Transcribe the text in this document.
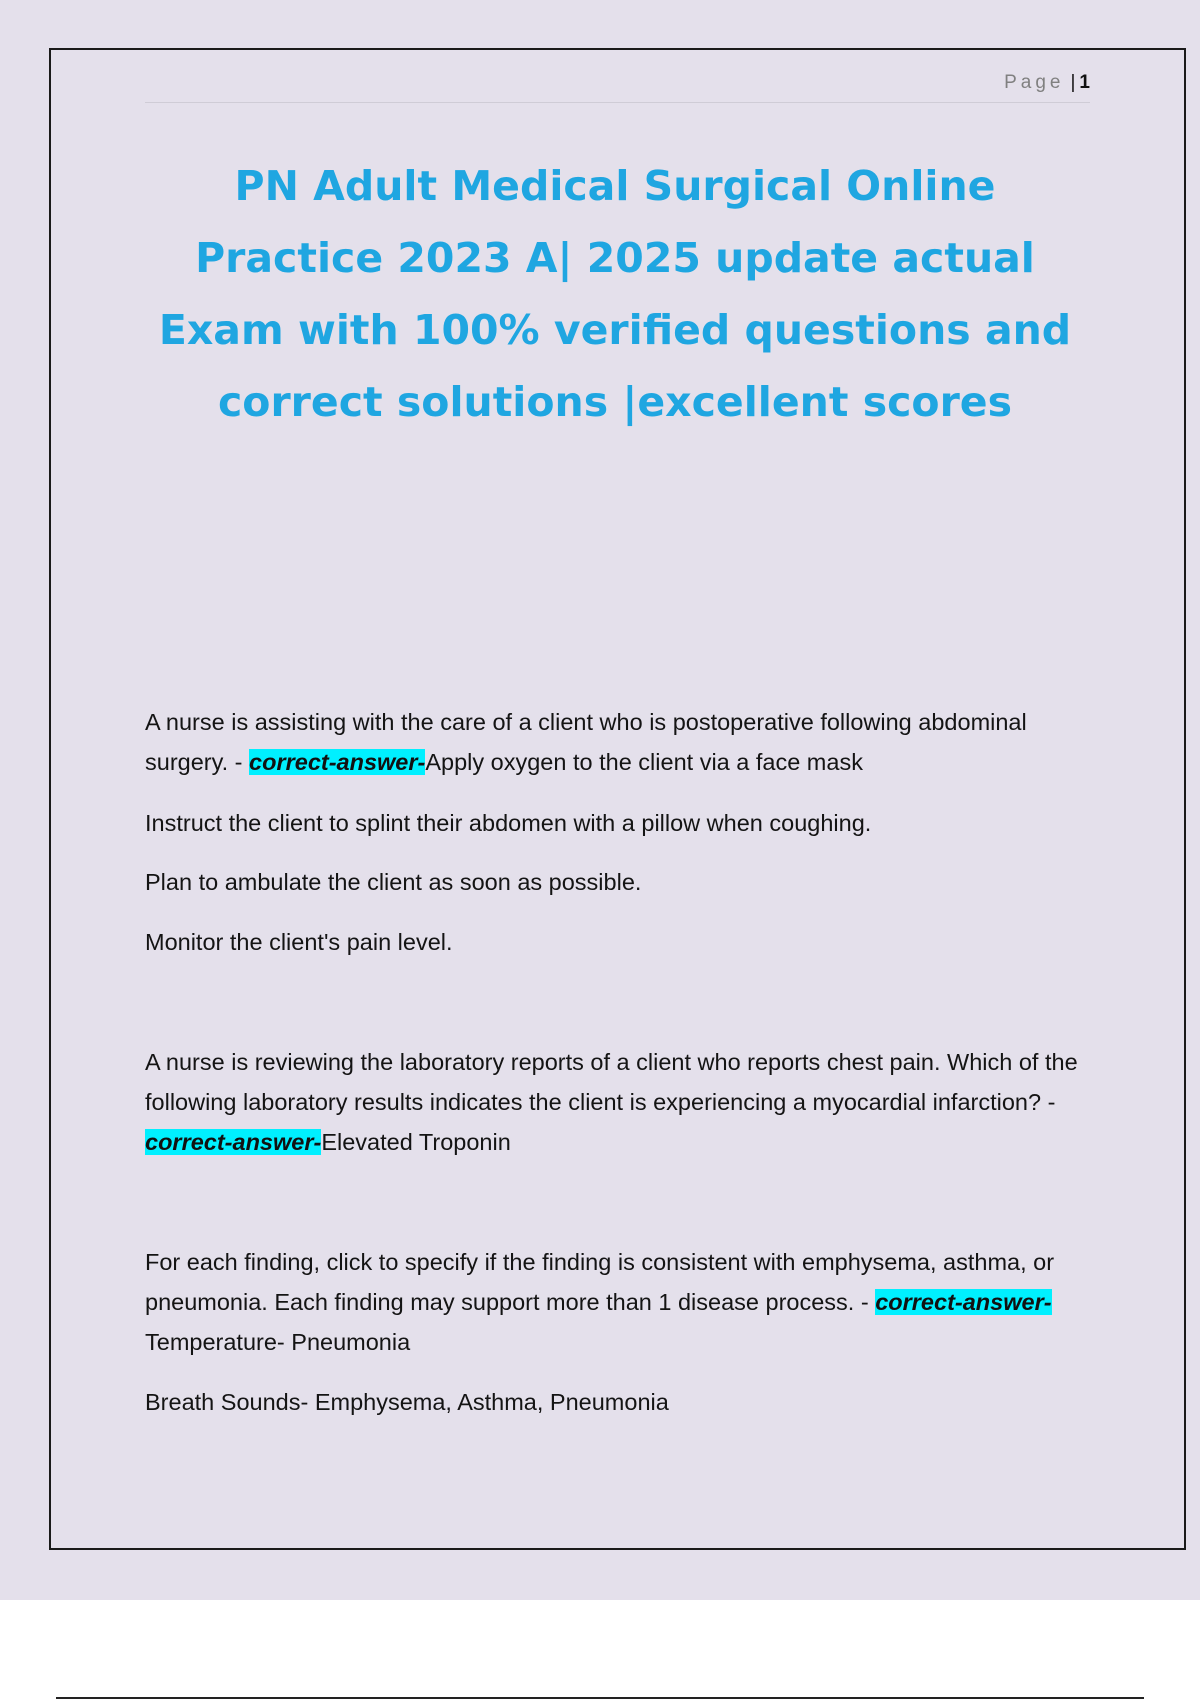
Page | 1
PN Adult Medical Surgical Online Practice 2023 A| 2025 update actual Exam with 100% verified questions and correct solutions |excellent scores

A nurse is assisting with the care of a client who is postoperative following abdominal surgery. - correct-answer-Apply oxygen to the client via a face mask

Instruct the client to splint their abdomen with a pillow when coughing.

Plan to ambulate the client as soon as possible.

Monitor the client's pain level.

A nurse is reviewing the laboratory reports of a client who reports chest pain. Which of the following laboratory results indicates the client is experiencing a myocardial infarction? - correct-answer-Elevated Troponin

For each finding, click to specify if the finding is consistent with emphysema, asthma, or pneumonia. Each finding may support more than 1 disease process. - correct-answer-Temperature- Pneumonia

Breath Sounds- Emphysema, Asthma, Pneumonia
